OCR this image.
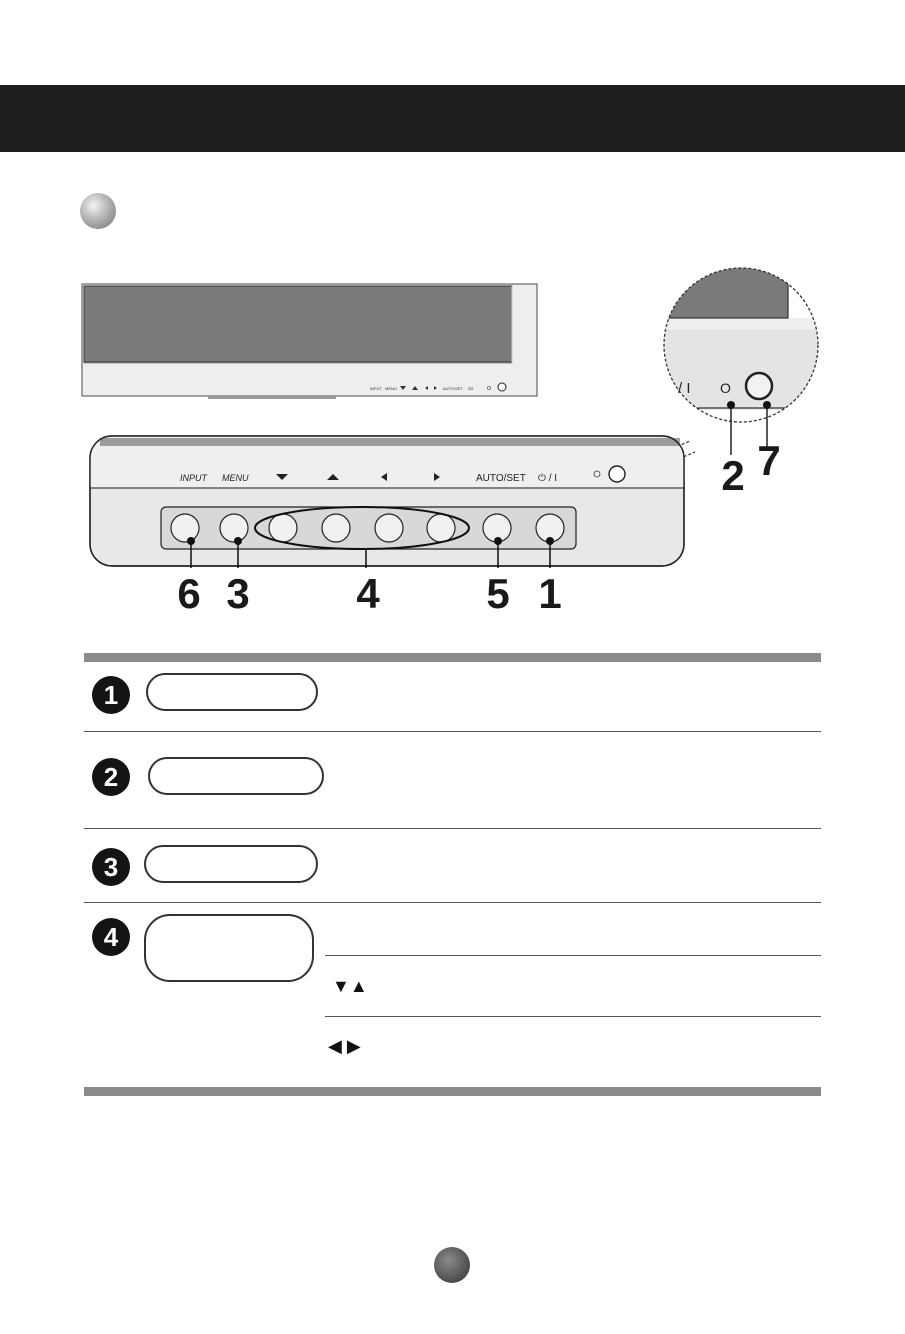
INPUT MENU	AUTO/SET ⏻/I	/ I O
INPUT MENU	AUTO/SET ⏻ / I
6 3	4	5 1
2 7
1
2
3
4
▼▲
◀ ▶
